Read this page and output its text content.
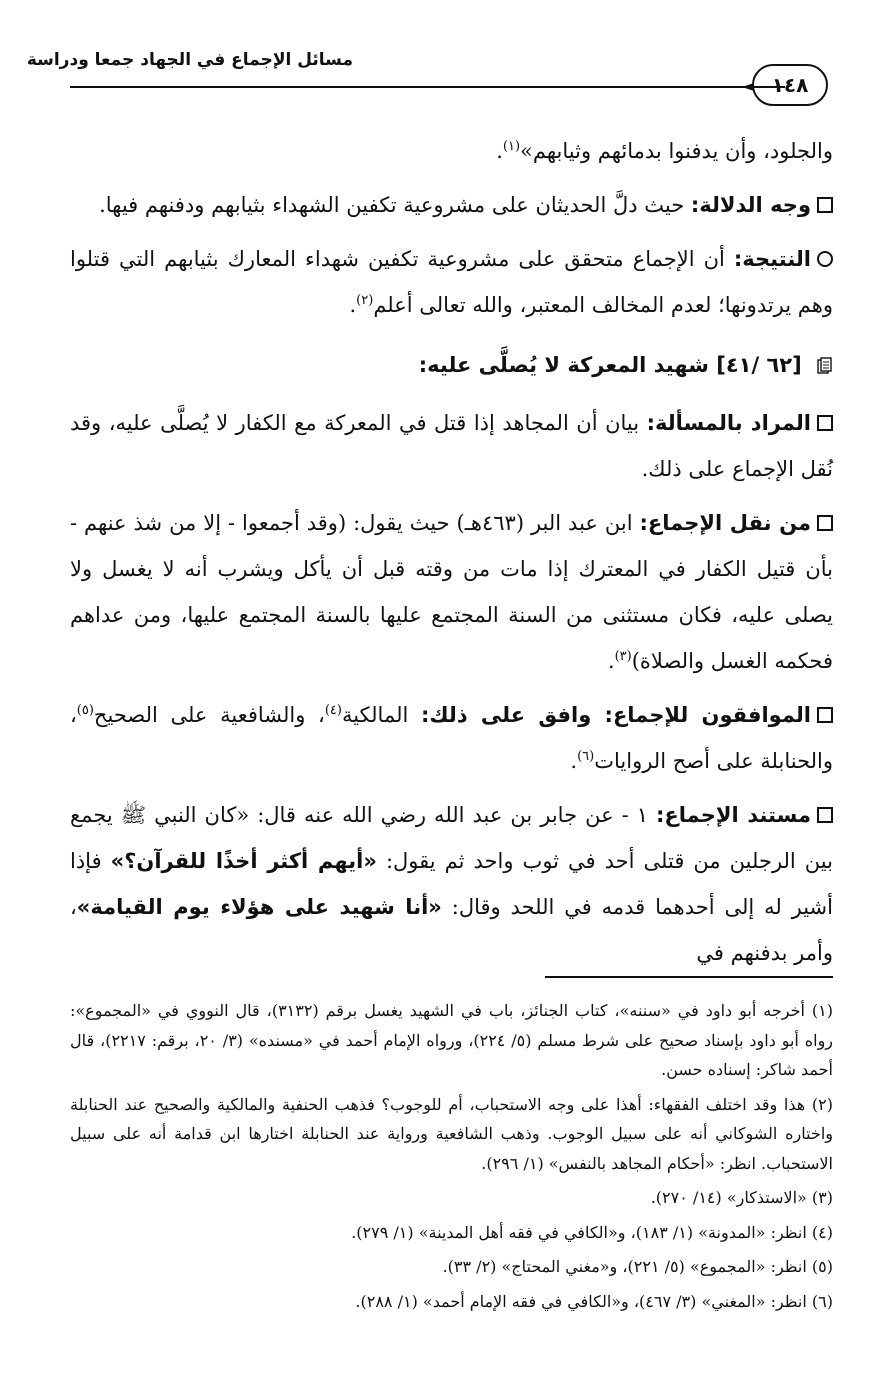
مسائل الإجماع في الجهاد جمعا ودراسة
١٤٨

والجلود، وأن يدفنوا بدمائهم وثيابهم»$^{(١)}$.

وجه الدلالة: حيث دلَّ الحديثان على مشروعية تكفين الشهداء بثيابهم ودفنهم فيها.

النتيجة: أن الإجماع متحقق على مشروعية تكفين شهداء المعارك بثيابهم التي قتلوا وهم يرتدونها؛ لعدم المخالف المعتبر، والله تعالى أعلم$^{(٢)}$.

[٦٢ /٤١] شهيد المعركة لا يُصلَّى عليه:

المراد بالمسألة: بيان أن المجاهد إذا قتل في المعركة مع الكفار لا يُصلَّى عليه، وقد نُقل الإجماع على ذلك.

من نقل الإجماع: ابن عبد البر (٤٦٣هـ) حيث يقول: (وقد أجمعوا - إلا من شذ عنهم - بأن قتيل الكفار في المعترك إذا مات من وقته قبل أن يأكل ويشرب أنه لا يغسل ولا يصلى عليه، فكان مستثنى من السنة المجتمع عليها بالسنة المجتمع عليها، ومن عداهم فحكمه الغسل والصلاة)$^{(٣)}$.

الموافقون للإجماع: وافق على ذلك: المالكية$^{(٤)}$، والشافعية على الصحيح$^{(٥)}$، والحنابلة على أصح الروايات$^{(٦)}$.

مستند الإجماع: ١ - عن جابر بن عبد الله رضي الله عنه قال: «كان النبي ﷺ يجمع بين الرجلين من قتلى أحد في ثوب واحد ثم يقول: «أيهم أكثر أخذًا للقرآن؟» فإذا أشير له إلى أحدهما قدمه في اللحد وقال: «أنا شهيد على هؤلاء يوم القيامة»، وأمر بدفنهم في

(١) أخرجه أبو داود في «سننه»، كتاب الجنائز، باب في الشهيد يغسل برقم (٣١٣٢)، قال النووي في «المجموع»: رواه أبو داود بإسناد صحيح على شرط مسلم (٥/ ٢٢٤)، ورواه الإمام أحمد في «مسنده» (٣/ ٢٠، برقم: ٢٢١٧)، قال أحمد شاكر: إسناده حسن.

(٢) هذا وقد اختلف الفقهاء: أهذا على وجه الاستحباب، أم للوجوب؟ فذهب الحنفية والمالكية والصحيح عند الحنابلة واختاره الشوكاني أنه على سبيل الوجوب. وذهب الشافعية ورواية عند الحنابلة اختارها ابن قدامة أنه على سبيل الاستحباب. انظر: «أحكام المجاهد بالنفس» (١/ ٢٩٦).

(٣) «الاستذكار» (١٤/ ٢٧٠).

(٤) انظر: «المدونة» (١/ ١٨٣)، و«الكافي في فقه أهل المدينة» (١/ ٢٧٩).

(٥) انظر: «المجموع» (٥/ ٢٢١)، و«مغني المحتاج» (٢/ ٣٣).

(٦) انظر: «المغني» (٣/ ٤٦٧)، و«الكافي في فقه الإمام أحمد» (١/ ٢٨٨).
